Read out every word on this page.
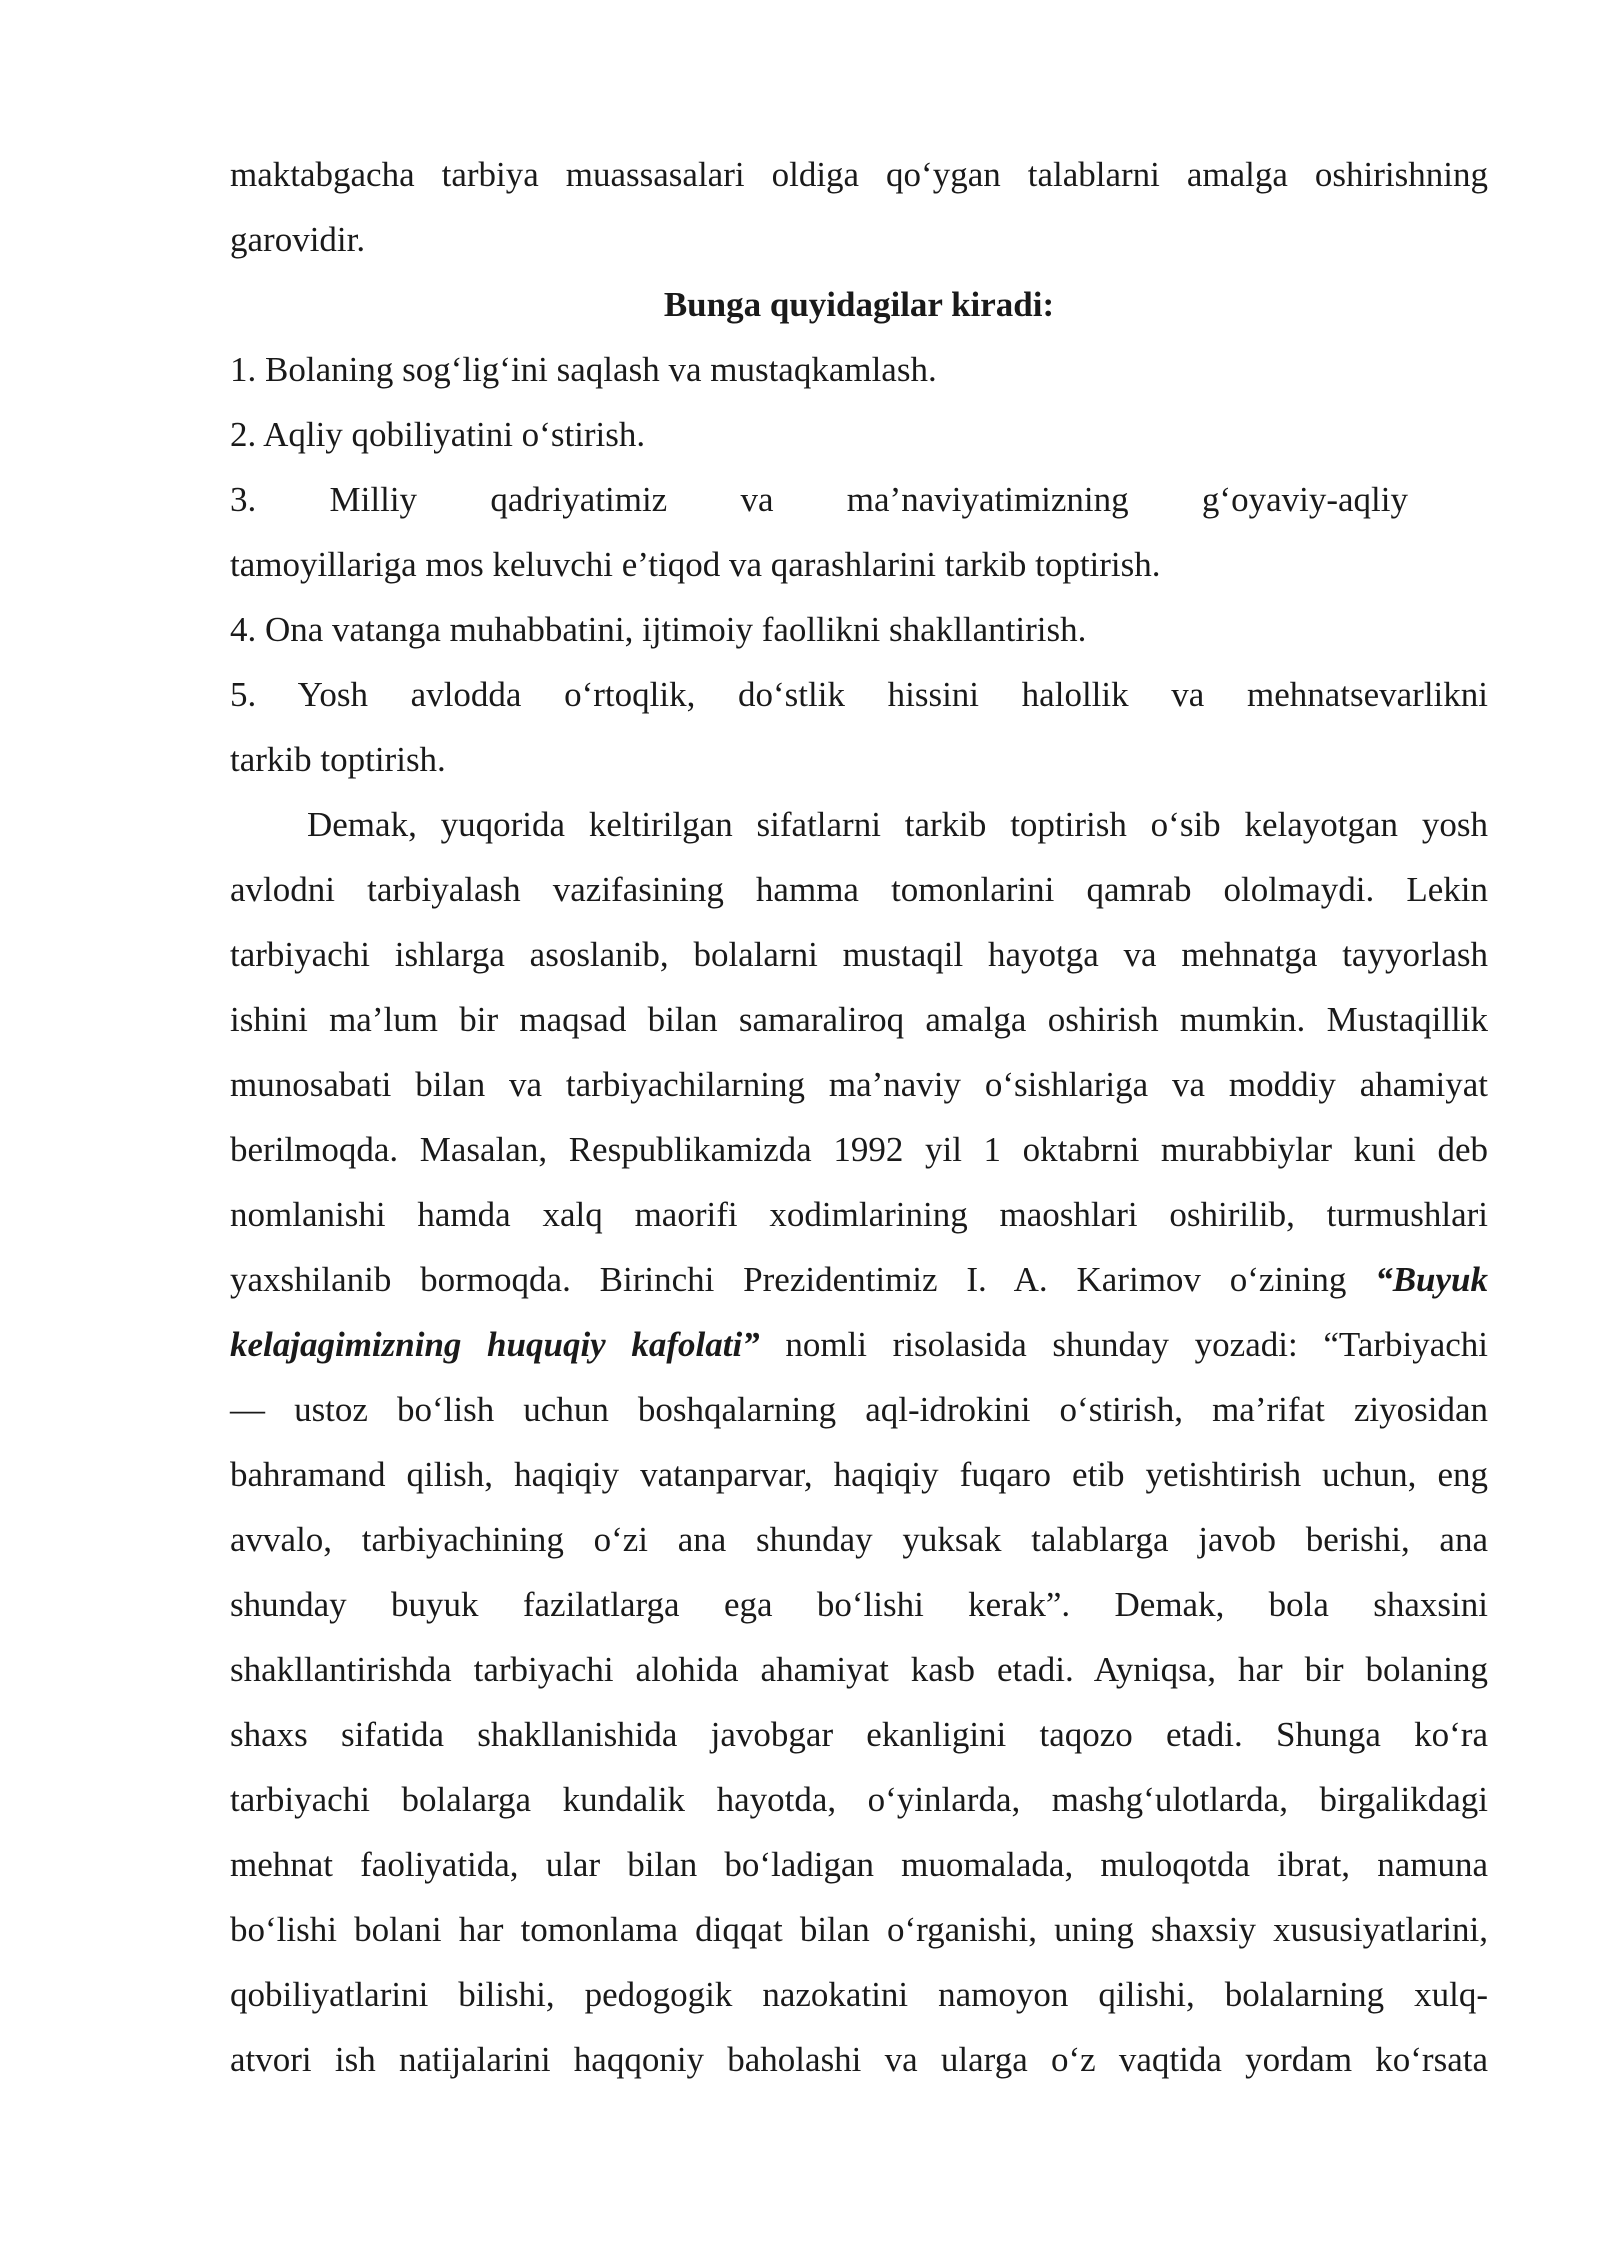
maktabgacha tarbiya muassasalari oldiga qo‘ygan talablarni amalga oshirishning
garovidir.
Bunga quyidagilar kiradi:
1. Bolaning sog‘lig‘ini saqlash va mustaqkamlash.
2. Aqliy qobiliyatini o‘stirish.
3. Milliy qadriyatimiz va ma’naviyatimizning g‘oyaviy-aqliy
tamoyillariga mos keluvchi e’tiqod va qarashlarini tarkib toptirish.
4. Ona vatanga muhabbatini, ijtimoiy faollikni shakllantirish.
5. Yosh avlodda o‘rtoqlik, do‘stlik hissini halollik va mehnatsevarlikni
tarkib toptirish.
Demak, yuqorida keltirilgan sifatlarni tarkib toptirish o‘sib kelayotgan yosh
avlodni tarbiyalash vazifasining hamma tomonlarini qamrab ololmaydi. Lekin
tarbiyachi ishlarga asoslanib, bolalarni mustaqil hayotga va mehnatga tayyorlash
ishini ma’lum bir maqsad bilan samaraliroq amalga oshirish mumkin. Mustaqillik
munosabati bilan va tarbiyachilarning ma’naviy o‘sishlariga va moddiy ahamiyat
berilmoqda. Masalan, Respublikamizda 1992 yil 1 oktabrni murabbiylar kuni deb
nomlanishi hamda xalq maorifi xodimlarining maoshlari oshirilib, turmushlari
yaxshilanib bormoqda. Birinchi Prezidentimiz I. A. Karimov o‘zining “Buyuk
kelajagimizning huquqiy kafolati” nomli risolasida shunday yozadi: “Tarbiyachi
— ustoz bo‘lish uchun boshqalarning aql-idrokini o‘stirish, ma’rifat ziyosidan
bahramand qilish, haqiqiy vatanparvar, haqiqiy fuqaro etib yetishtirish uchun, eng
avvalo, tarbiyachining o‘zi ana shunday yuksak talablarga javob berishi, ana
shunday buyuk fazilatlarga ega bo‘lishi kerak”. Demak, bola shaxsini
shakllantirishda tarbiyachi alohida ahamiyat kasb etadi. Ayniqsa, har bir bolaning
shaxs sifatida shakllanishida javobgar ekanligini taqozo etadi. Shunga ko‘ra
tarbiyachi bolalarga kundalik hayotda, o‘yinlarda, mashg‘ulotlarda, birgalikdagi
mehnat faoliyatida, ular bilan bo‘ladigan muomalada, muloqotda ibrat, namuna
bo‘lishi bolani har tomonlama diqqat bilan o‘rganishi, uning shaxsiy xususiyatlarini,
qobiliyatlarini bilishi, pedogogik nazokatini namoyon qilishi, bolalarning xulq-
atvori ish natijalarini haqqoniy baholashi va ularga o‘z vaqtida yordam ko‘rsata
